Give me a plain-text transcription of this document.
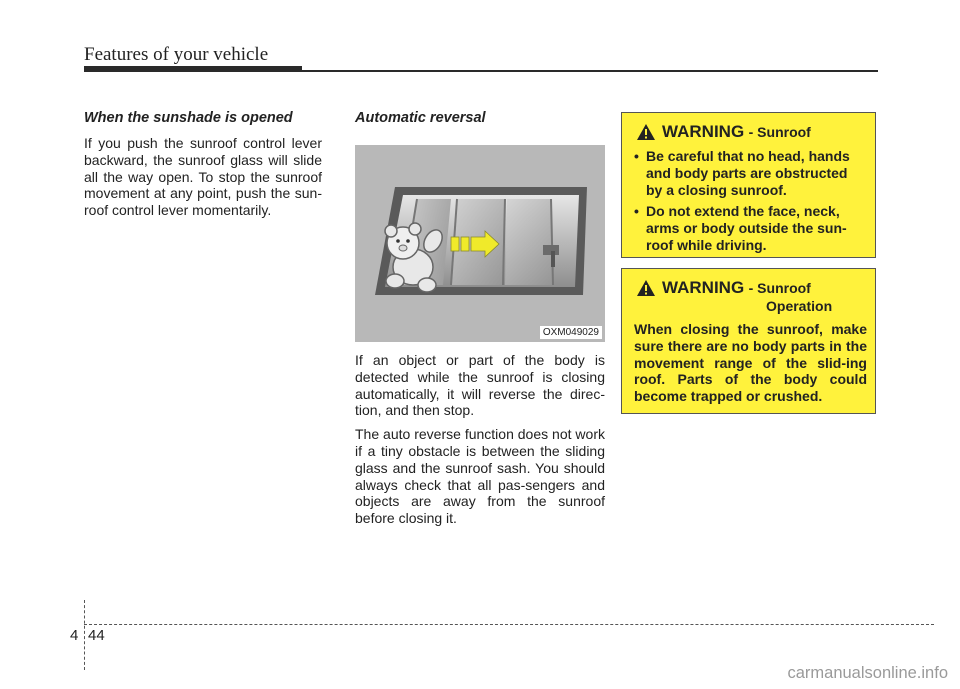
Features of your vehicle
When the sunshade is opened

If you push the sunroof control lever backward, the sunroof glass will slide all the way open. To stop the sunroof movement at any point, push the sun-roof control lever momentarily.

Automatic reversal
OXM049029

If an object or part of the body is detected while the sunroof is closing automatically, it will reverse the direc-tion, and then stop.

The auto reverse function does not work if a tiny obstacle is between the sliding glass and the sunroof sash. You should always check that all pas-sengers and objects are away from the sunroof before closing it.

WARNING - Sunroof
• Be careful that no head, hands and body parts are obstructed by a closing sunroof.
• Do not extend the face, neck, arms or body outside the sun-roof while driving.
WARNING - Sunroof
Operation

When closing the sunroof, make sure there are no body parts in the movement range of the slid-ing roof. Parts of the body could become trapped or crushed.

4 44
carmanualsonline.info
